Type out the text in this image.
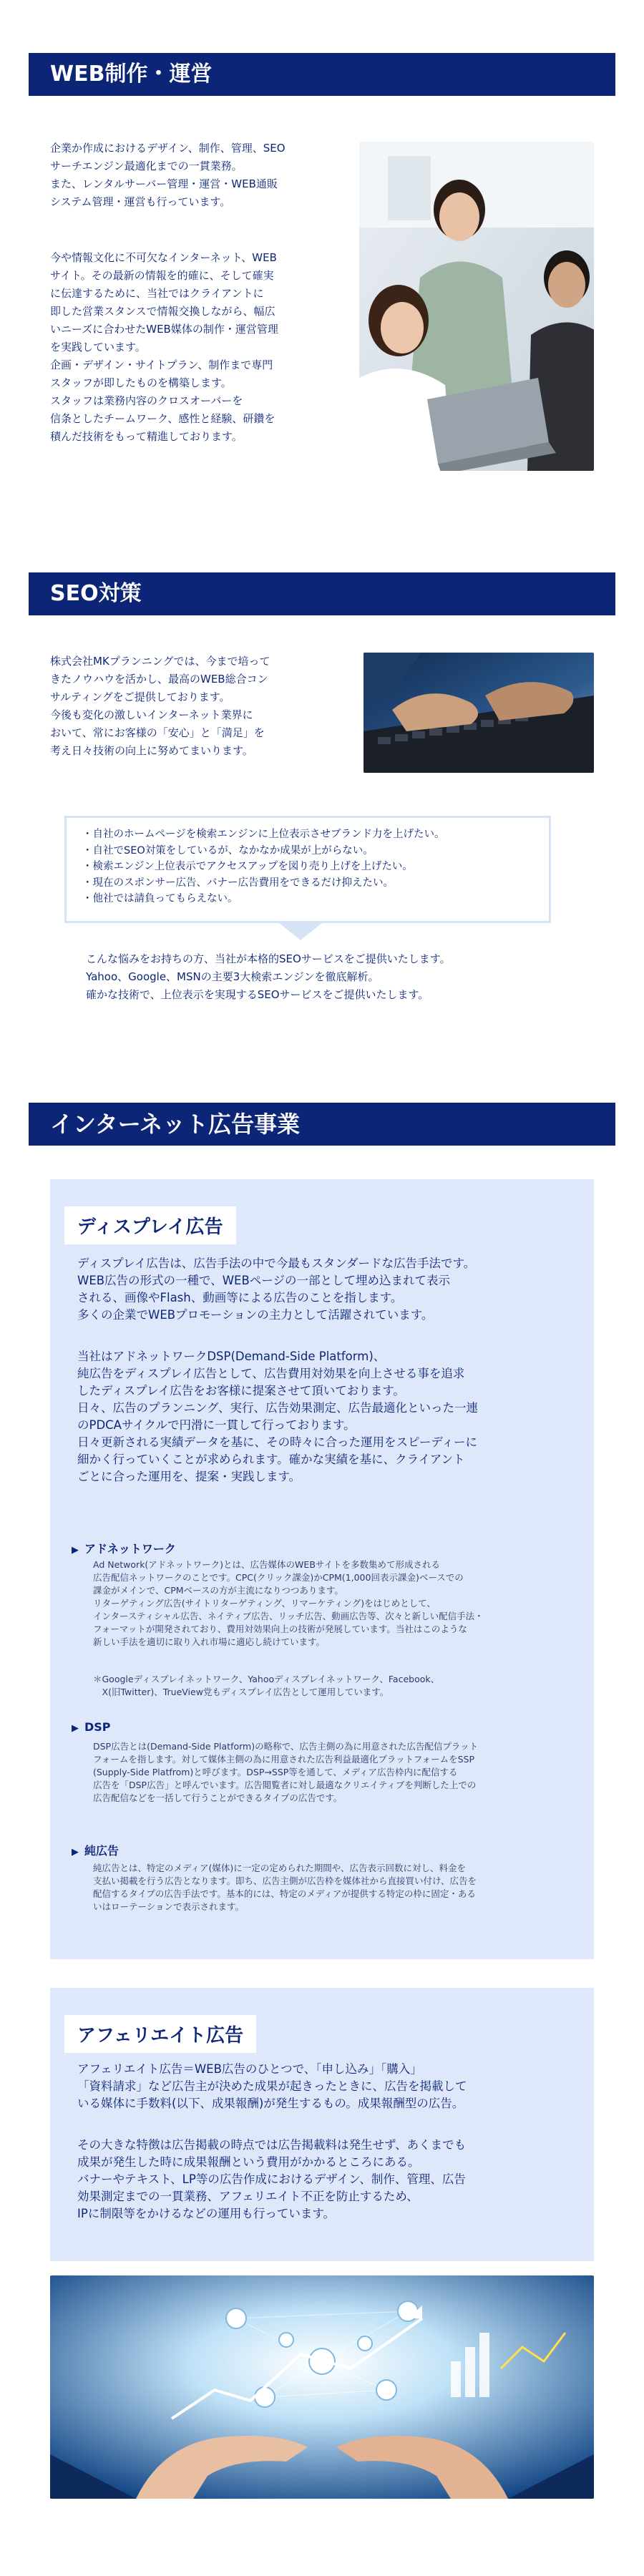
WEB制作・運営

企業か作成におけるデザイン、制作、管理、SEO

サーチエンジン最適化までの一貫業務。

また、レンタルサーバー管理・運営・WEB通販

システム管理・運営も行っています。

今や情報文化に不可欠なインターネット、WEB

サイト。その最新の情報を的確に、そして確実

に伝達するために、当社ではクライアントに

即した営業スタンスで情報交換しながら、幅広

いニーズに合わせたWEB媒体の制作・運営管理

を実践しています。

企画・デザイン・サイトプラン、制作まで専門

スタッフが即したものを構築します。

スタッフは業務内容のクロスオーバーを

信条としたチームワーク、感性と経験、研鑽を

積んだ技術をもって精進しております。

SEO対策

株式会社MKプランニングでは、今まで培って

きたノウハウを活かし、最高のWEB総合コン

サルティングをご提供しております。

今後も変化の激しいインターネット業界に

おいて、常にお客様の「安心」と「満足」を

考え日々技術の向上に努めてまいります。

・自社のホームページを検索エンジンに上位表示させブランド力を上げたい。
・自社でSEO対策をしているが、なかなか成果が上がらない。
・検索エンジン上位表示でアクセスアップを図り売り上げを上げたい。
・現在のスポンサー広告、バナー広告費用をできるだけ抑えたい。
・他社では請負ってもらえない。

こんな悩みをお持ちの方、当社が本格的SEOサービスをご提供いたします。

Yahoo、Google、MSNの主要3大検索エンジンを徹底解析。

確かな技術で、上位表示を実現するSEOサービスをご提供いたします。

インターネット広告事業
ディスプレイ広告

ディスプレイ広告は、広告手法の中で今最もスタンダードな広告手法です。

WEB広告の形式の一種で、WEBページの一部として埋め込まれて表示

される、画像やFlash、動画等による広告のことを指します。

多くの企業でWEBプロモーションの主力として活躍されています。

当社はアドネットワークDSP(Demand-Side Platform)、

純広告をディスプレイ広告として、広告費用対効果を向上させる事を追求

したディスプレイ広告をお客様に提案させて頂いております。

日々、広告のプランニング、実行、広告効果測定、広告最適化といった一連

のPDCAサイクルで円滑に一貫して行っております。

日々更新される実績データを基に、その時々に合った運用をスピーディーに

細かく行っていくことが求められます。確かな実績を基に、クライアント

ごとに合った運用を、提案・実践します。

▶ アドネットワーク

Ad Network(アドネットワーク)とは、広告媒体のWEBサイトを多数集めて形成される

広告配信ネットワークのことです。CPC(クリック課金)かCPM(1,000回表示課金)ベースでの

課金がメインで、CPMベースの方が主流になりつつあります。

リターゲティング広告(サイトリターゲティング、リマーケティング)をはじめとして、

インタースティシャル広告、ネイティブ広告、リッチ広告、動画広告等、次々と新しい配信手法・

フォーマットが開発されており、費用対効果向上の技術が発展しています。当社はこのような

新しい手法を適切に取り入れ市場に適応し続けています。

＊Googleディスプレイネットワーク、Yahooディスプレイネットワーク、Facebook、

　X(旧Twitter)、TrueView党もディスプレイ広告として運用しています。

▶ DSP

DSP広告とは(Demand-Side Platform)の略称で、広告主側の為に用意された広告配信プラット

フォームを指します。対して媒体主側の為に用意された広告利益最適化プラットフォームをSSP

(Supply-Side Platfrom)と呼びます。DSP→SSP等を通して、メディア広告枠内に配信する

広告を「DSP広告」と呼んでいます。広告閲覧者に対し最適なクリエイティブを判断した上での

広告配信などを一括して行うことができるタイプの広告です。

▶ 純広告

純広告とは、特定のメディア(媒体)に一定の定められた期間や、広告表示回数に対し、料金を

支払い掲載を行う広告となります。即ち、広告主側が広告枠を媒体社から直接買い付け、広告を

配信するタイプの広告手法です。基本的には、特定のメディアが提供する特定の枠に固定・ある

いはローテーションで表示されます。

アフェリエイト広告

アフェリエイト広告＝WEB広告のひとつで、「申し込み」「購入」

「資料請求」など広告主が決めた成果が起きったときに、広告を掲載して

いる媒体に手数料(以下、成果報酬)が発生するもの。成果報酬型の広告。

その大きな特徴は広告掲載の時点では広告掲載料は発生せず、あくまでも

成果が発生した時に成果報酬という費用がかかるところにある。

バナーやテキスト、LP等の広告作成におけるデザイン、制作、管理、広告

効果測定までの一貫業務、アフェリエイト不正を防止するため、

IPに制限等をかけるなどの運用も行っています。
